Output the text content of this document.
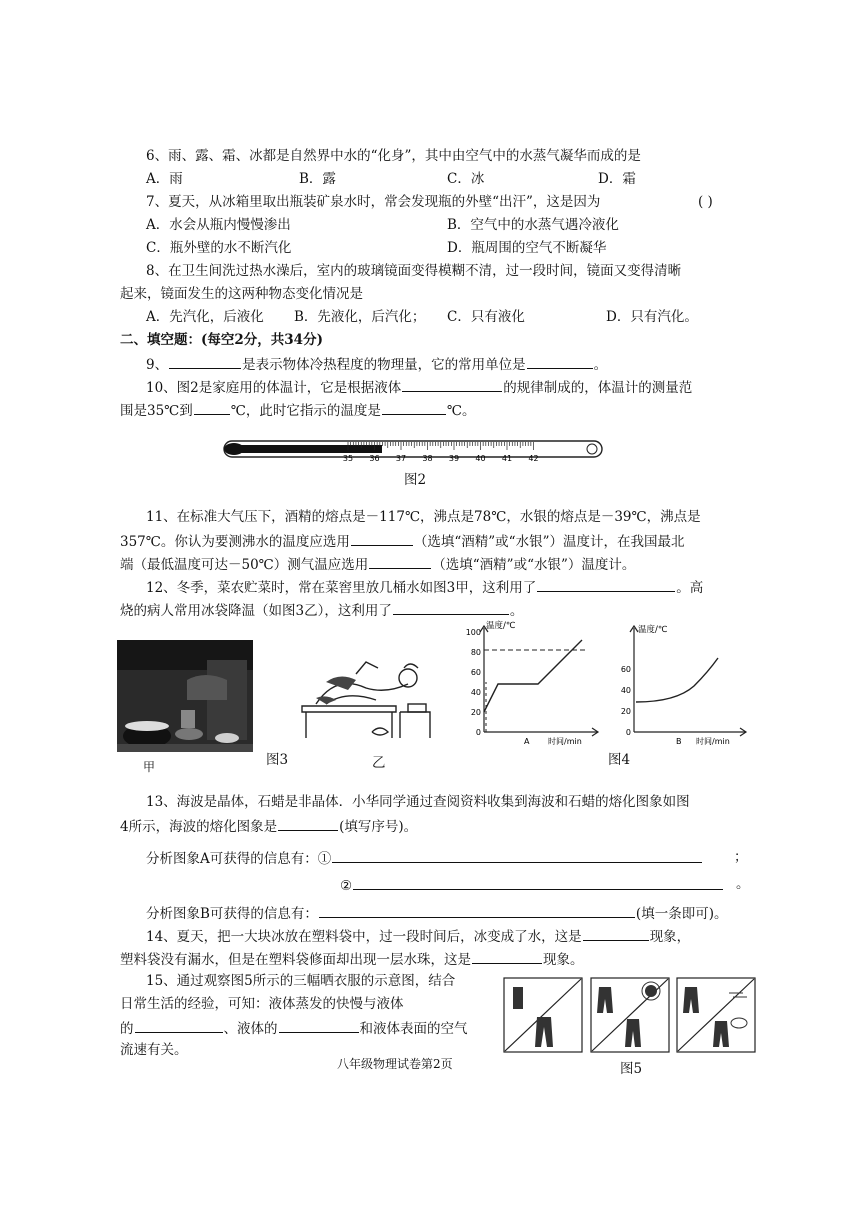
6、雨、露、霜、冰都是自然界中水的“化身”，其中由空气中的水蒸气凝华而成的是
A．雨	B．露	C．冰	D．霜
7、夏天，从冰箱里取出瓶装矿泉水时，常会发现瓶的外壁“出汗”，这是因为	( )
A．水会从瓶内慢慢渗出	B．空气中的水蒸气遇冷液化
C．瓶外壁的水不断汽化	D．瓶周围的空气不断凝华
8、在卫生间洗过热水澡后，室内的玻璃镜面变得模糊不清，过一段时间，镜面又变得清晰
起来，镜面发生的这两种物态变化情况是
A．先汽化，后液化 B．先液化，后汽化； C．只有液化	D．只有汽化。
二、填空题：(每空2分，共34分)
9、	是表示物体冷热程度的物理量，它的常用单位是	。
10、图2是家庭用的体温计，它是根据液体	的规律制成的，体温计的测量范
围是35℃到	℃，此时它指示的温度是	℃。
35 36 37 38 39 40 41 42
图2
11、在标准大气压下，酒精的熔点是－117℃，沸点是78℃，水银的熔点是－39℃，沸点是
357℃。你认为要测沸水的温度应选用	（选填“酒精”或“水银”）温度计，在我国最北
端（最低温度可达－50℃）测气温应选用	（选填“酒精”或“水银”）温度计。
12、冬季，菜农贮菜时，常在菜窖里放几桶水如图3甲，这利用了	。高
烧的病人常用冰袋降温（如图3乙），这利用了	。
甲	图3	乙
0
20
40
60
80
100
温度/℃
时间/min
A
0
20
40
60
温度/℃
时间/min
B
图4
13、海波是晶体，石蜡是非晶体．小华同学通过查阅资料收集到海波和石蜡的熔化图象如图
4所示，海波的熔化图象是	(填写序号)。
分析图象A可获得的信息有：①	；
②	。
分析图象B可获得的信息有：	(填一条即可)。
14、夏天，把一大块冰放在塑料袋中，过一段时间后，冰变成了水，这是	现象，
塑料袋没有漏水，但是在塑料袋修面却出现一层水珠，这是	现象。
15、通过观察图5所示的三幅晒衣服的示意图，结合
日常生活的经验，可知：液体蒸发的快慢与液体
的	、液体的	和液体表面的空气
流速有关。
图5
八年级物理试卷第2页
